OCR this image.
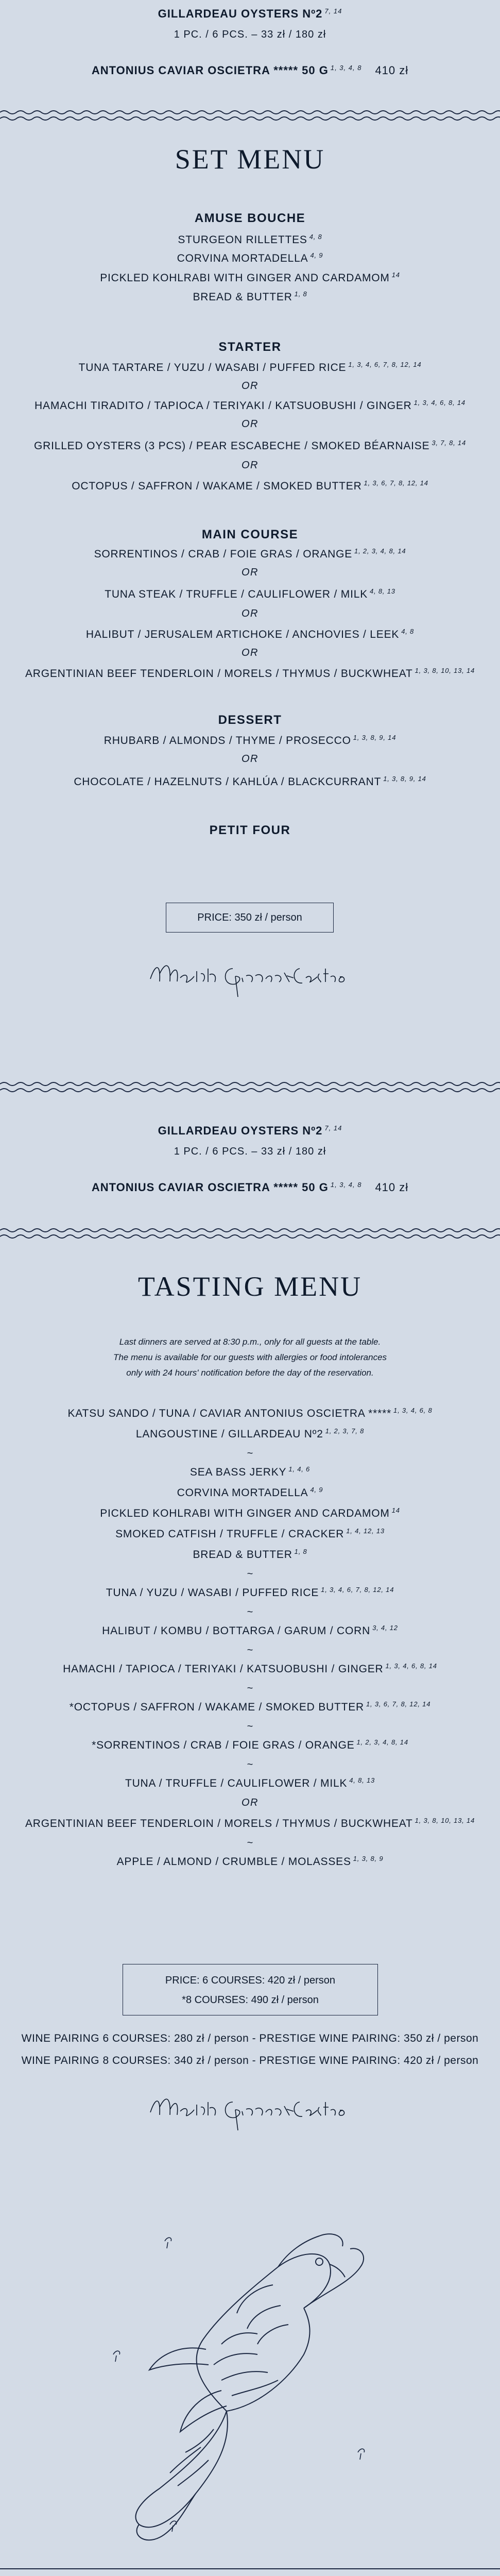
GILLARDEAU OYSTERS Nº2 $^{7, 14}$
1 PC. / 6 PCS. – 33 zł / 180 zł
ANTONIUS CAVIAR OSCIETRA ***** 50 G $^{1, 3, 4, 8}$ 410 zł
SET MENU
AMUSE BOUCHE
STURGEON RILLETTES $^{4, 8}$
CORVINA MORTADELLA $^{4, 9}$
PICKLED KOHLRABI WITH GINGER AND CARDAMOM $^{14}$
BREAD & BUTTER $^{1, 8}$
STARTER
TUNA TARTARE / YUZU / WASABI / PUFFED RICE $^{1, 3, 4, 6, 7, 8, 12, 14}$
OR
HAMACHI TIRADITO / TAPIOCA / TERIYAKI / KATSUOBUSHI / GINGER $^{1, 3, 4, 6, 8, 14}$
OR
GRILLED OYSTERS (3 PCS) / PEAR ESCABECHE / SMOKED BÉARNAISE $^{3, 7, 8, 14}$
OR
OCTOPUS / SAFFRON / WAKAME / SMOKED BUTTER $^{1, 3, 6, 7, 8, 12, 14}$
MAIN COURSE
SORRENTINOS / CRAB / FOIE GRAS / ORANGE $^{1, 2, 3, 4, 8, 14}$
OR
TUNA STEAK / TRUFFLE / CAULIFLOWER / MILK $^{4, 8, 13}$
OR
HALIBUT / JERUSALEM ARTICHOKE / ANCHOVIES / LEEK $^{4, 8}$
OR
ARGENTINIAN BEEF TENDERLOIN / MORELS / THYMUS / BUCKWHEAT $^{1, 3, 8, 10, 13, 14}$
DESSERT
RHUBARB / ALMONDS / THYME / PROSECCO $^{1, 3, 8, 9, 14}$
OR
CHOCOLATE / HAZELNUTS / KAHLÚA / BLACKCURRANT $^{1, 3, 8, 9, 14}$
PETIT FOUR
PRICE: 350 zł / person
GILLARDEAU OYSTERS Nº2 $^{7, 14}$
1 PC. / 6 PCS. – 33 zł / 180 zł
ANTONIUS CAVIAR OSCIETRA ***** 50 G $^{1, 3, 4, 8}$ 410 zł
TASTING MENU
Last dinners are served at 8:30 p.m., only for all guests at the table.
The menu is available for our guests with allergies or food intolerances
only with 24 hours' notification before the day of the reservation.
KATSU SANDO / TUNA / CAVIAR ANTONIUS OSCIETRA ***** $^{1, 3, 4, 6, 8}$
LANGOUSTINE / GILLARDEAU Nº2 $^{1, 2, 3, 7, 8}$
~
SEA BASS JERKY $^{1, 4, 6}$
CORVINA MORTADELLA $^{4, 9}$
PICKLED KOHLRABI WITH GINGER AND CARDAMOM $^{14}$
SMOKED CATFISH / TRUFFLE / CRACKER $^{1, 4, 12, 13}$
BREAD & BUTTER $^{1, 8}$
~
TUNA / YUZU / WASABI / PUFFED RICE $^{1, 3, 4, 6, 7, 8, 12, 14}$
~
HALIBUT / KOMBU / BOTTARGA / GARUM / CORN $^{3, 4, 12}$
~
HAMACHI / TAPIOCA / TERIYAKI / KATSUOBUSHI / GINGER $^{1, 3, 4, 6, 8, 14}$
~
*OCTOPUS / SAFFRON / WAKAME / SMOKED BUTTER $^{1, 3, 6, 7, 8, 12, 14}$
~
*SORRENTINOS / CRAB / FOIE GRAS / ORANGE $^{1, 2, 3, 4, 8, 14}$
~
TUNA / TRUFFLE / CAULIFLOWER / MILK $^{4, 8, 13}$
OR
ARGENTINIAN BEEF TENDERLOIN / MORELS / THYMUS / BUCKWHEAT $^{1, 3, 8, 10, 13, 14}$
~
APPLE / ALMOND / CRUMBLE / MOLASSES $^{1, 3, 8, 9}$
PRICE: 6 COURSES: 420 zł / person
*8 COURSES: 490 zł / person
WINE PAIRING 6 COURSES: 280 zł / person - PRESTIGE WINE PAIRING: 350 zł / person
WINE PAIRING 8 COURSES: 340 zł / person - PRESTIGE WINE PAIRING: 420 zł / person
